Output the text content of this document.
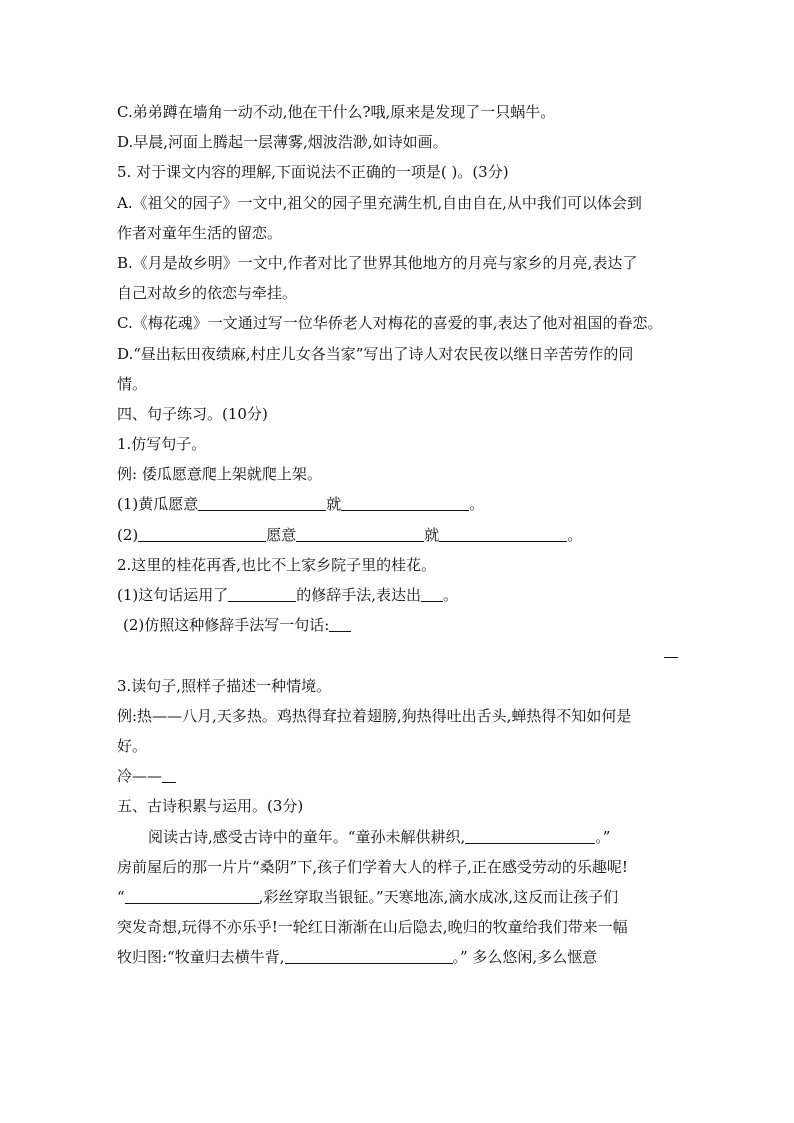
C.弟弟蹲在墙角一动不动,他在干什么?哦,原来是发现了一只蜗牛。
D.早晨,河面上腾起一层薄雾,烟波浩渺,如诗如画。
5. 对于课文内容的理解,下面说法不正确的一项是( )。(3分)
A.《祖父的园子》一文中,祖父的园子里充满生机,自由自在,从中我们可以体会到
作者对童年生活的留恋。
B.《月是故乡明》一文中,作者对比了世界其他地方的月亮与家乡的月亮,表达了
自己对故乡的依恋与牵挂。
C.《梅花魂》一文通过写一位华侨老人对梅花的喜爱的事,表达了他对祖国的眷恋。
D.“昼出耘田夜绩麻,村庄儿女各当家”写出了诗人对农民夜以继日辛苦劳作的同
情。
四、句子练习。(10分)
1.仿写句子。
例: 倭瓜愿意爬上架就爬上架。
(1)黄瓜愿意	就	。
(2)	愿意	就	。
2.这里的桂花再香,也比不上家乡院子里的桂花。
(1)这句话运用了	的修辞手法,表达出 。
(2)仿照这种修辞手法写一句话:
3.读句子,照样子描述一种情境。
例:热——八月,天多热。鸡热得耷拉着翅膀,狗热得吐出舌头,蝉热得不知如何是
好。
冷——
五、古诗积累与运用。(3分)
阅读古诗,感受古诗中的童年。“童孙未解供耕织,	。”
房前屋后的那一片片“桑阴”下,孩子们学着大人的样子,正在感受劳动的乐趣呢!
“	,彩丝穿取当银钲。”天寒地冻,滴水成冰,这反而让孩子们
突发奇想,玩得不亦乐乎!一轮红日渐渐在山后隐去,晚归的牧童给我们带来一幅
牧归图:“牧童归去横牛背,	。” 多么悠闲,多么惬意
